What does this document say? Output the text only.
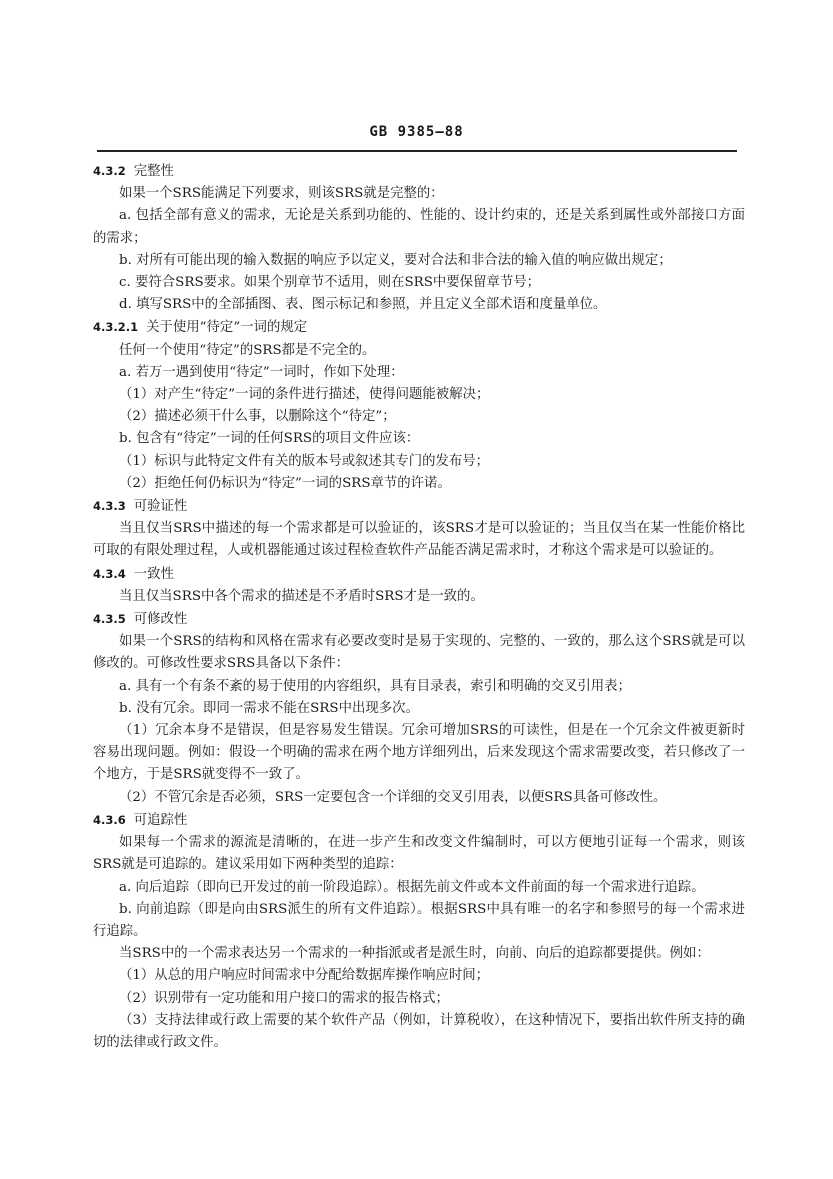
GB 9385—88

4.3.2 完整性

如果一个SRS能满足下列要求，则该SRS就是完整的：

a. 包括全部有意义的需求，无论是关系到功能的、性能的、设计约束的，还是关系到属性或外部接口方面的需求；

b. 对所有可能出现的输入数据的响应予以定义，要对合法和非合法的输入值的响应做出规定；

c. 要符合SRS要求。如果个别章节不适用，则在SRS中要保留章节号；

d. 填写SRS中的全部插图、表、图示标记和参照，并且定义全部术语和度量单位。

4.3.2.1 关于使用“待定”一词的规定

任何一个使用“待定”的SRS都是不完全的。

a. 若万一遇到使用“待定”一词时，作如下处理：

（1）对产生“待定”一词的条件进行描述，使得问题能被解决；

（2）描述必须干什么事，以删除这个“待定”；

b. 包含有“待定”一词的任何SRS的项目文件应该：

（1）标识与此特定文件有关的版本号或叙述其专门的发布号；

（2）拒绝任何仍标识为“待定”一词的SRS章节的许诺。

4.3.3 可验证性

当且仅当SRS中描述的每一个需求都是可以验证的，该SRS才是可以验证的；当且仅当在某一性能价格比可取的有限处理过程，人或机器能通过该过程检查软件产品能否满足需求时，才称这个需求是可以验证的。

4.3.4 一致性

当且仅当SRS中各个需求的描述是不矛盾时SRS才是一致的。

4.3.5 可修改性

如果一个SRS的结构和风格在需求有必要改变时是易于实现的、完整的、一致的，那么这个SRS就是可以修改的。可修改性要求SRS具备以下条件：

a. 具有一个有条不紊的易于使用的内容组织，具有目录表，索引和明确的交叉引用表；

b. 没有冗余。即同一需求不能在SRS中出现多次。

（1）冗余本身不是错误，但是容易发生错误。冗余可增加SRS的可读性，但是在一个冗余文件被更新时容易出现问题。例如：假设一个明确的需求在两个地方详细列出，后来发现这个需求需要改变，若只修改了一个地方，于是SRS就变得不一致了。

（2）不管冗余是否必须，SRS一定要包含一个详细的交叉引用表，以便SRS具备可修改性。

4.3.6 可追踪性

如果每一个需求的源流是清晰的，在进一步产生和改变文件编制时，可以方便地引证每一个需求，则该SRS就是可追踪的。建议采用如下两种类型的追踪：

a. 向后追踪（即向已开发过的前一阶段追踪）。根据先前文件或本文件前面的每一个需求进行追踪。

b. 向前追踪（即是向由SRS派生的所有文件追踪）。根据SRS中具有唯一的名字和参照号的每一个需求进行追踪。

当SRS中的一个需求表达另一个需求的一种指派或者是派生时，向前、向后的追踪都要提供。例如：

（1）从总的用户响应时间需求中分配给数据库操作响应时间；

（2）识别带有一定功能和用户接口的需求的报告格式；

（3）支持法律或行政上需要的某个软件产品（例如，计算税收），在这种情况下，要指出软件所支持的确切的法律或行政文件。
